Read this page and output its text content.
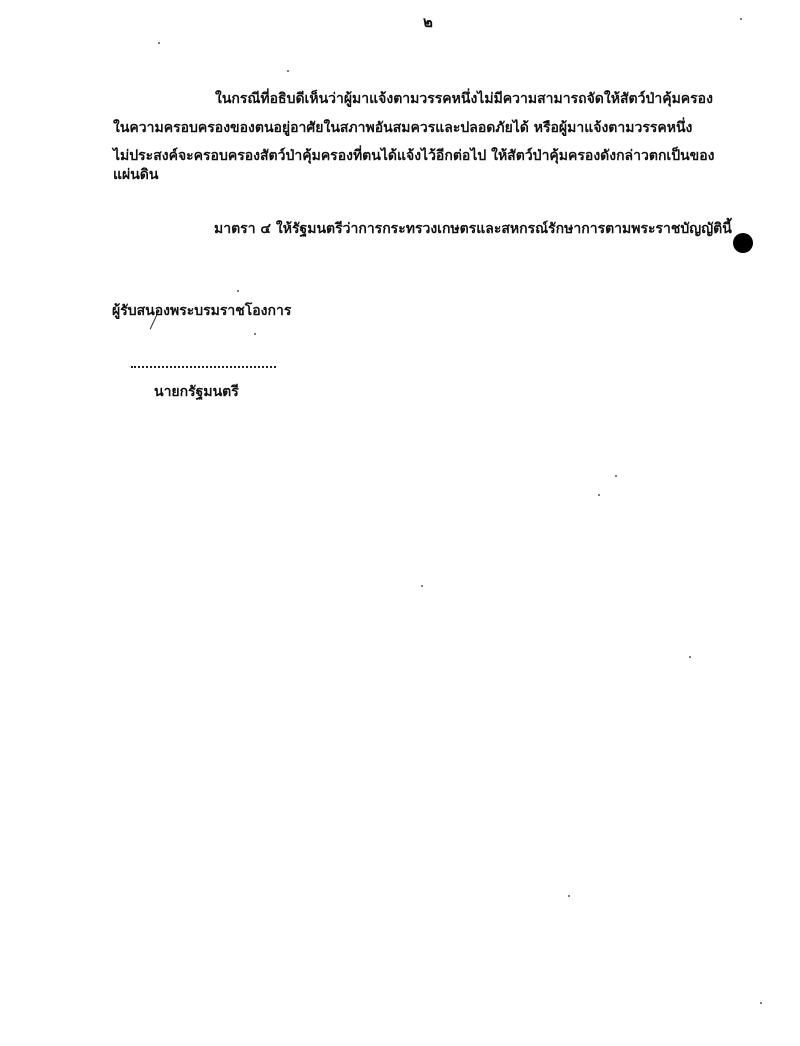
๒
ในกรณีที่อธิบดีเห็นว่าผู้มาแจ้งตามวรรคหนึ่งไม่มีความสามารถจัดให้สัตว์ป่าคุ้มครอง
ในความครอบครองของตนอยู่อาศัยในสภาพอันสมควรและปลอดภัยได้ หรือผู้มาแจ้งตามวรรคหนึ่ง
ไม่ประสงค์จะครอบครองสัตว์ป่าคุ้มครองที่ตนได้แจ้งไว้อีกต่อไป ให้สัตว์ป่าคุ้มครองดังกล่าวตกเป็นของ
แผ่นดิน
มาตรา ๔ ให้รัฐมนตรีว่าการกระทรวงเกษตรและสหกรณ์รักษาการตามพระราชบัญญัตินี้
ผู้รับสนองพระบรมราชโองการ
นายกรัฐมนตรี
